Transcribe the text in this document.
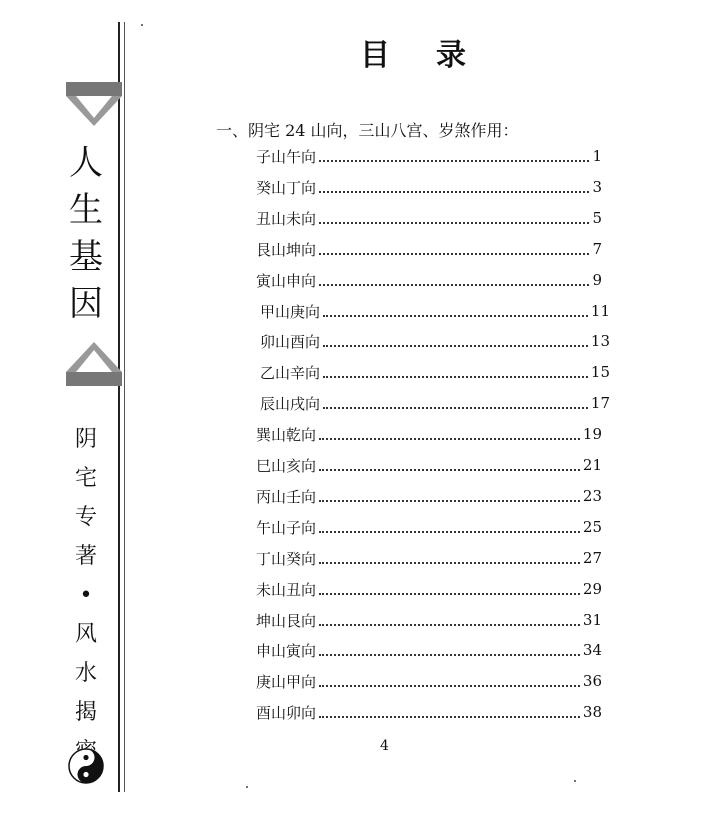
人
生
基
因
阴
宅
专
著
•
风
水
揭
目 录
一、阴宅 24 山向，三山八宫、岁煞作用：
子山午向	1
癸山丁向	3
丑山未向	5
艮山坤向	7
寅山申向	9
甲山庚向	11
卯山酉向	13
乙山辛向	15
辰山戌向	17
巽山乾向	19
巳山亥向	21
丙山壬向	23
午山子向	25
丁山癸向	27
未山丑向	29
坤山艮向	31
申山寅向	34
庚山甲向	36
酉山卯向	38
4
